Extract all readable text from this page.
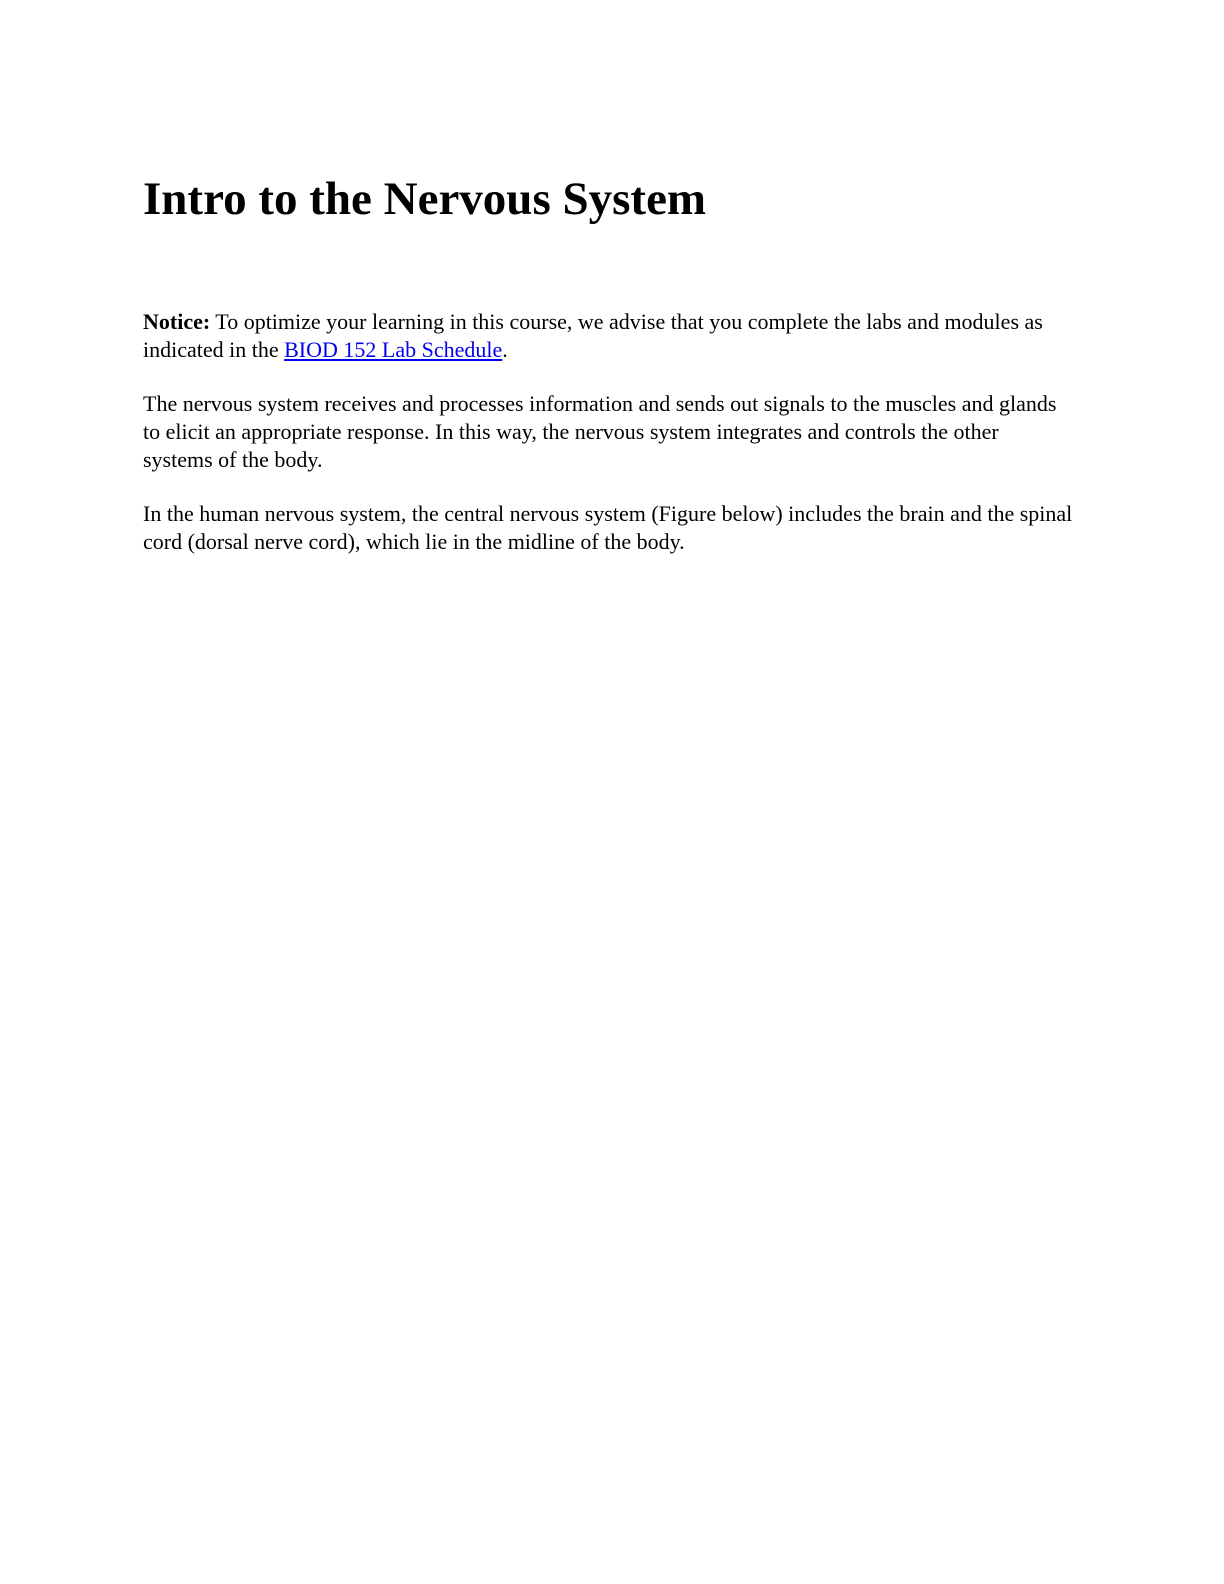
Intro to the Nervous System

Notice: To optimize your learning in this course, we advise that you complete the labs and modules as indicated in the BIOD 152 Lab Schedule.

The nervous system receives and processes information and sends out signals to the muscles and glands to elicit an appropriate response. In this way, the nervous system integrates and controls the other systems of the body.

In the human nervous system, the central nervous system (Figure below) includes the brain and the spinal cord (dorsal nerve cord), which lie in the midline of the body.
